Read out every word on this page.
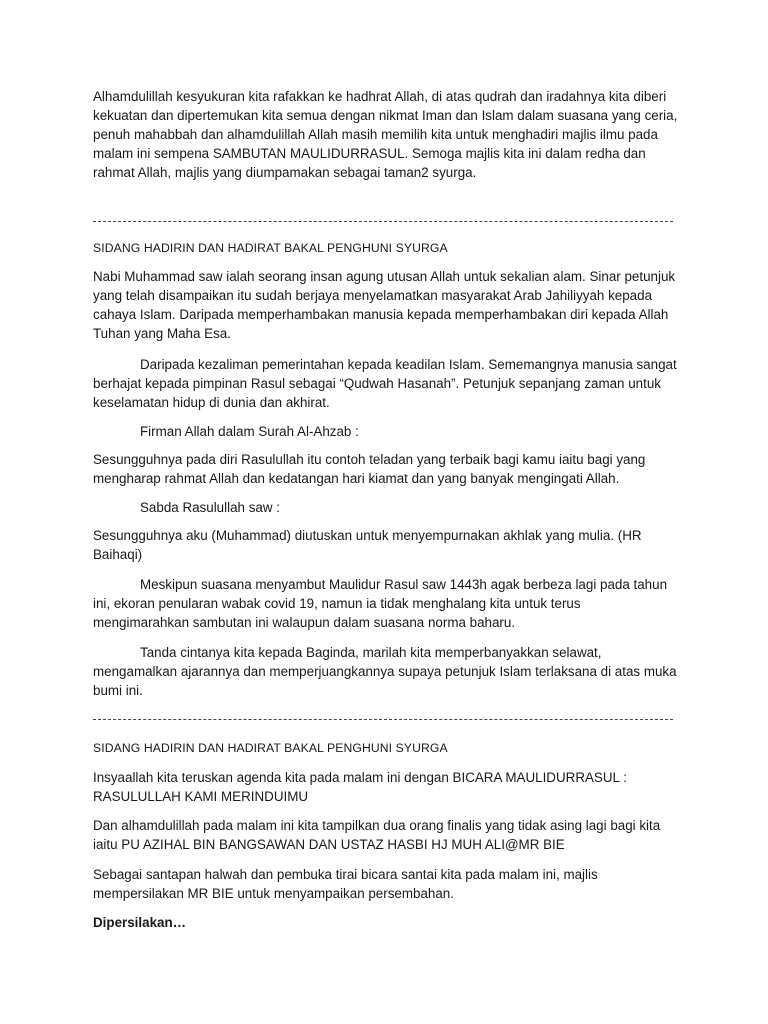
Alhamdulillah kesyukuran kita rafakkan ke hadhrat Allah, di atas qudrah dan iradahnya kita diberi kekuatan dan dipertemukan kita semua dengan nikmat Iman dan Islam dalam suasana yang ceria, penuh mahabbah dan alhamdulillah Allah masih memilih kita untuk menghadiri majlis ilmu pada malam ini sempena SAMBUTAN MAULIDURRASUL. Semoga majlis kita ini dalam redha dan rahmat Allah, majlis yang diumpamakan sebagai taman2 syurga.

SIDANG HADIRIN DAN HADIRAT BAKAL PENGHUNI SYURGA

Nabi Muhammad saw ialah seorang insan agung utusan Allah untuk sekalian alam. Sinar petunjuk yang telah disampaikan itu sudah berjaya menyelamatkan masyarakat Arab Jahiliyyah kepada cahaya Islam. Daripada memperhambakan manusia kepada memperhambakan diri kepada Allah Tuhan yang Maha Esa.

Daripada kezaliman pemerintahan kepada keadilan Islam. Sememangnya manusia sangat berhajat kepada pimpinan Rasul sebagai “Qudwah Hasanah”. Petunjuk sepanjang zaman untuk keselamatan hidup di dunia dan akhirat.

Firman Allah dalam Surah Al-Ahzab :

Sesungguhnya pada diri Rasulullah itu contoh teladan yang terbaik bagi kamu iaitu bagi yang mengharap rahmat Allah dan kedatangan hari kiamat dan yang banyak mengingati Allah.

Sabda Rasulullah saw :

Sesungguhnya aku (Muhammad) diutuskan untuk menyempurnakan akhlak yang mulia. (HR Baihaqi)

Meskipun suasana menyambut Maulidur Rasul saw 1443h agak berbeza lagi pada tahun ini, ekoran penularan wabak covid 19, namun ia tidak menghalang kita untuk terus mengimarahkan sambutan ini walaupun dalam suasana norma baharu.

Tanda cintanya kita kepada Baginda, marilah kita memperbanyakkan selawat, mengamalkan ajarannya dan memperjuangkannya supaya petunjuk Islam terlaksana di atas muka bumi ini.

SIDANG HADIRIN DAN HADIRAT BAKAL PENGHUNI SYURGA

Insyaallah kita teruskan agenda kita pada malam ini dengan BICARA MAULIDURRASUL : RASULULLAH KAMI MERINDUIMU

Dan alhamdulillah pada malam ini kita tampilkan dua orang finalis yang tidak asing lagi bagi kita iaitu PU AZIHAL BIN BANGSAWAN DAN USTAZ HASBI HJ MUH ALI@MR BIE

Sebagai santapan halwah dan pembuka tirai bicara santai kita pada malam ini, majlis mempersilakan MR BIE untuk menyampaikan persembahan.

Dipersilakan…
